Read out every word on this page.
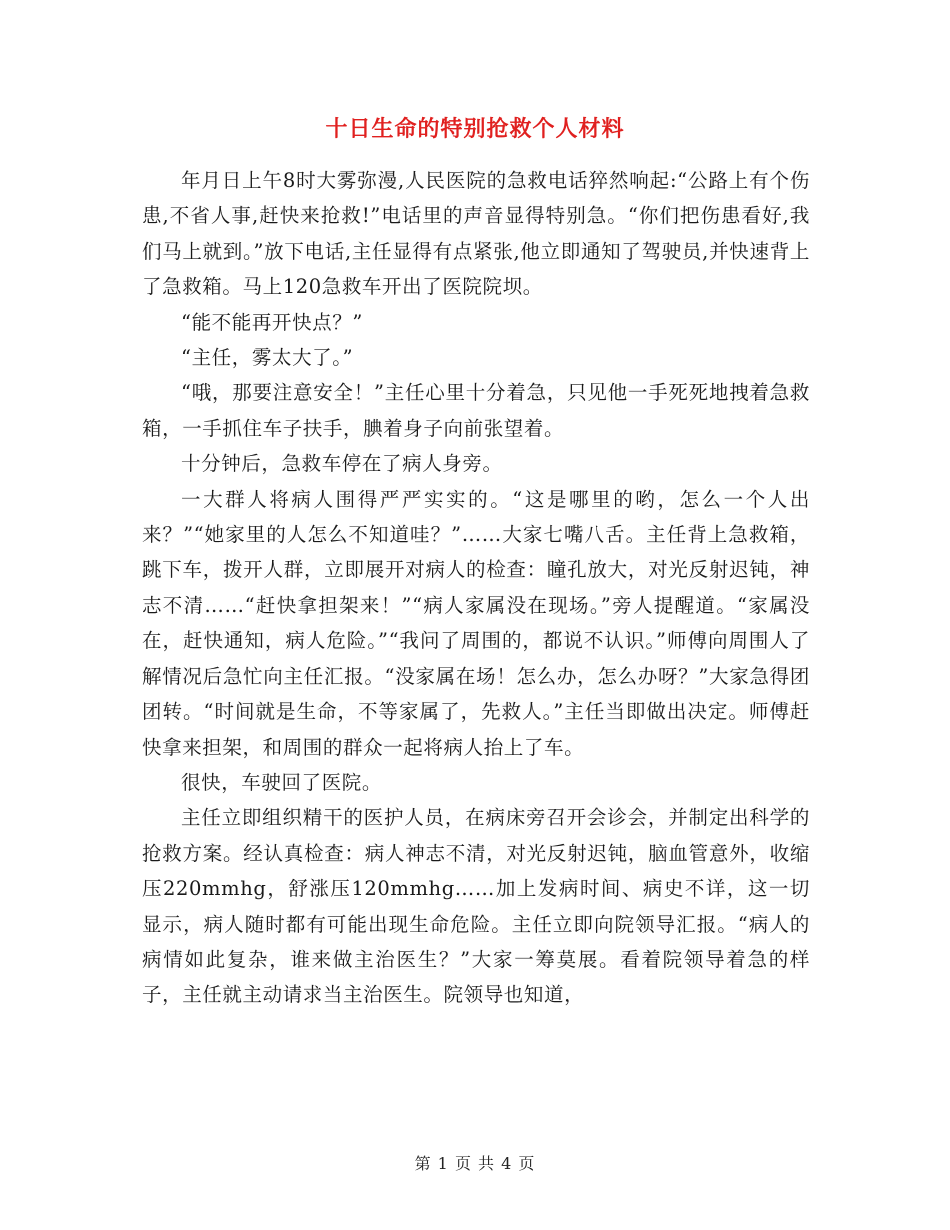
十日生命的特别抢救个人材料

年月日上午8时大雾弥漫,人民医院的急救电话猝然响起:“公路上有个伤患,不省人事,赶快来抢救!”电话里的声音显得特别急。“你们把伤患看好,我们马上就到。”放下电话,主任显得有点紧张,他立即通知了驾驶员,并快速背上了急救箱。马上120急救车开出了医院院坝。

“能不能再开快点？”

“主任，雾太大了。”

“哦，那要注意安全！”主任心里十分着急，只见他一手死死地拽着急救箱，一手抓住车子扶手，腆着身子向前张望着。

十分钟后，急救车停在了病人身旁。

一大群人将病人围得严严实实的。“这是哪里的哟，怎么一个人出来？”“她家里的人怎么不知道哇？”……大家七嘴八舌。主任背上急救箱，跳下车，拨开人群，立即展开对病人的检查：瞳孔放大，对光反射迟钝，神志不清……“赶快拿担架来！”“病人家属没在现场。”旁人提醒道。“家属没在，赶快通知，病人危险。”“我问了周围的，都说不认识。”师傅向周围人了解情况后急忙向主任汇报。“没家属在场！怎么办，怎么办呀？”大家急得团团转。“时间就是生命，不等家属了，先救人。”主任当即做出决定。师傅赶快拿来担架，和周围的群众一起将病人抬上了车。

很快，车驶回了医院。

主任立即组织精干的医护人员，在病床旁召开会诊会，并制定出科学的抢救方案。经认真检查：病人神志不清，对光反射迟钝，脑血管意外，收缩压220mmhg，舒涨压120mmhg……加上发病时间、病史不详，这一切显示，病人随时都有可能出现生命危险。主任立即向院领导汇报。“病人的病情如此复杂，谁来做主治医生？”大家一筹莫展。看着院领导着急的样子，主任就主动请求当主治医生。院领导也知道，

第 1 页 共 4 页
